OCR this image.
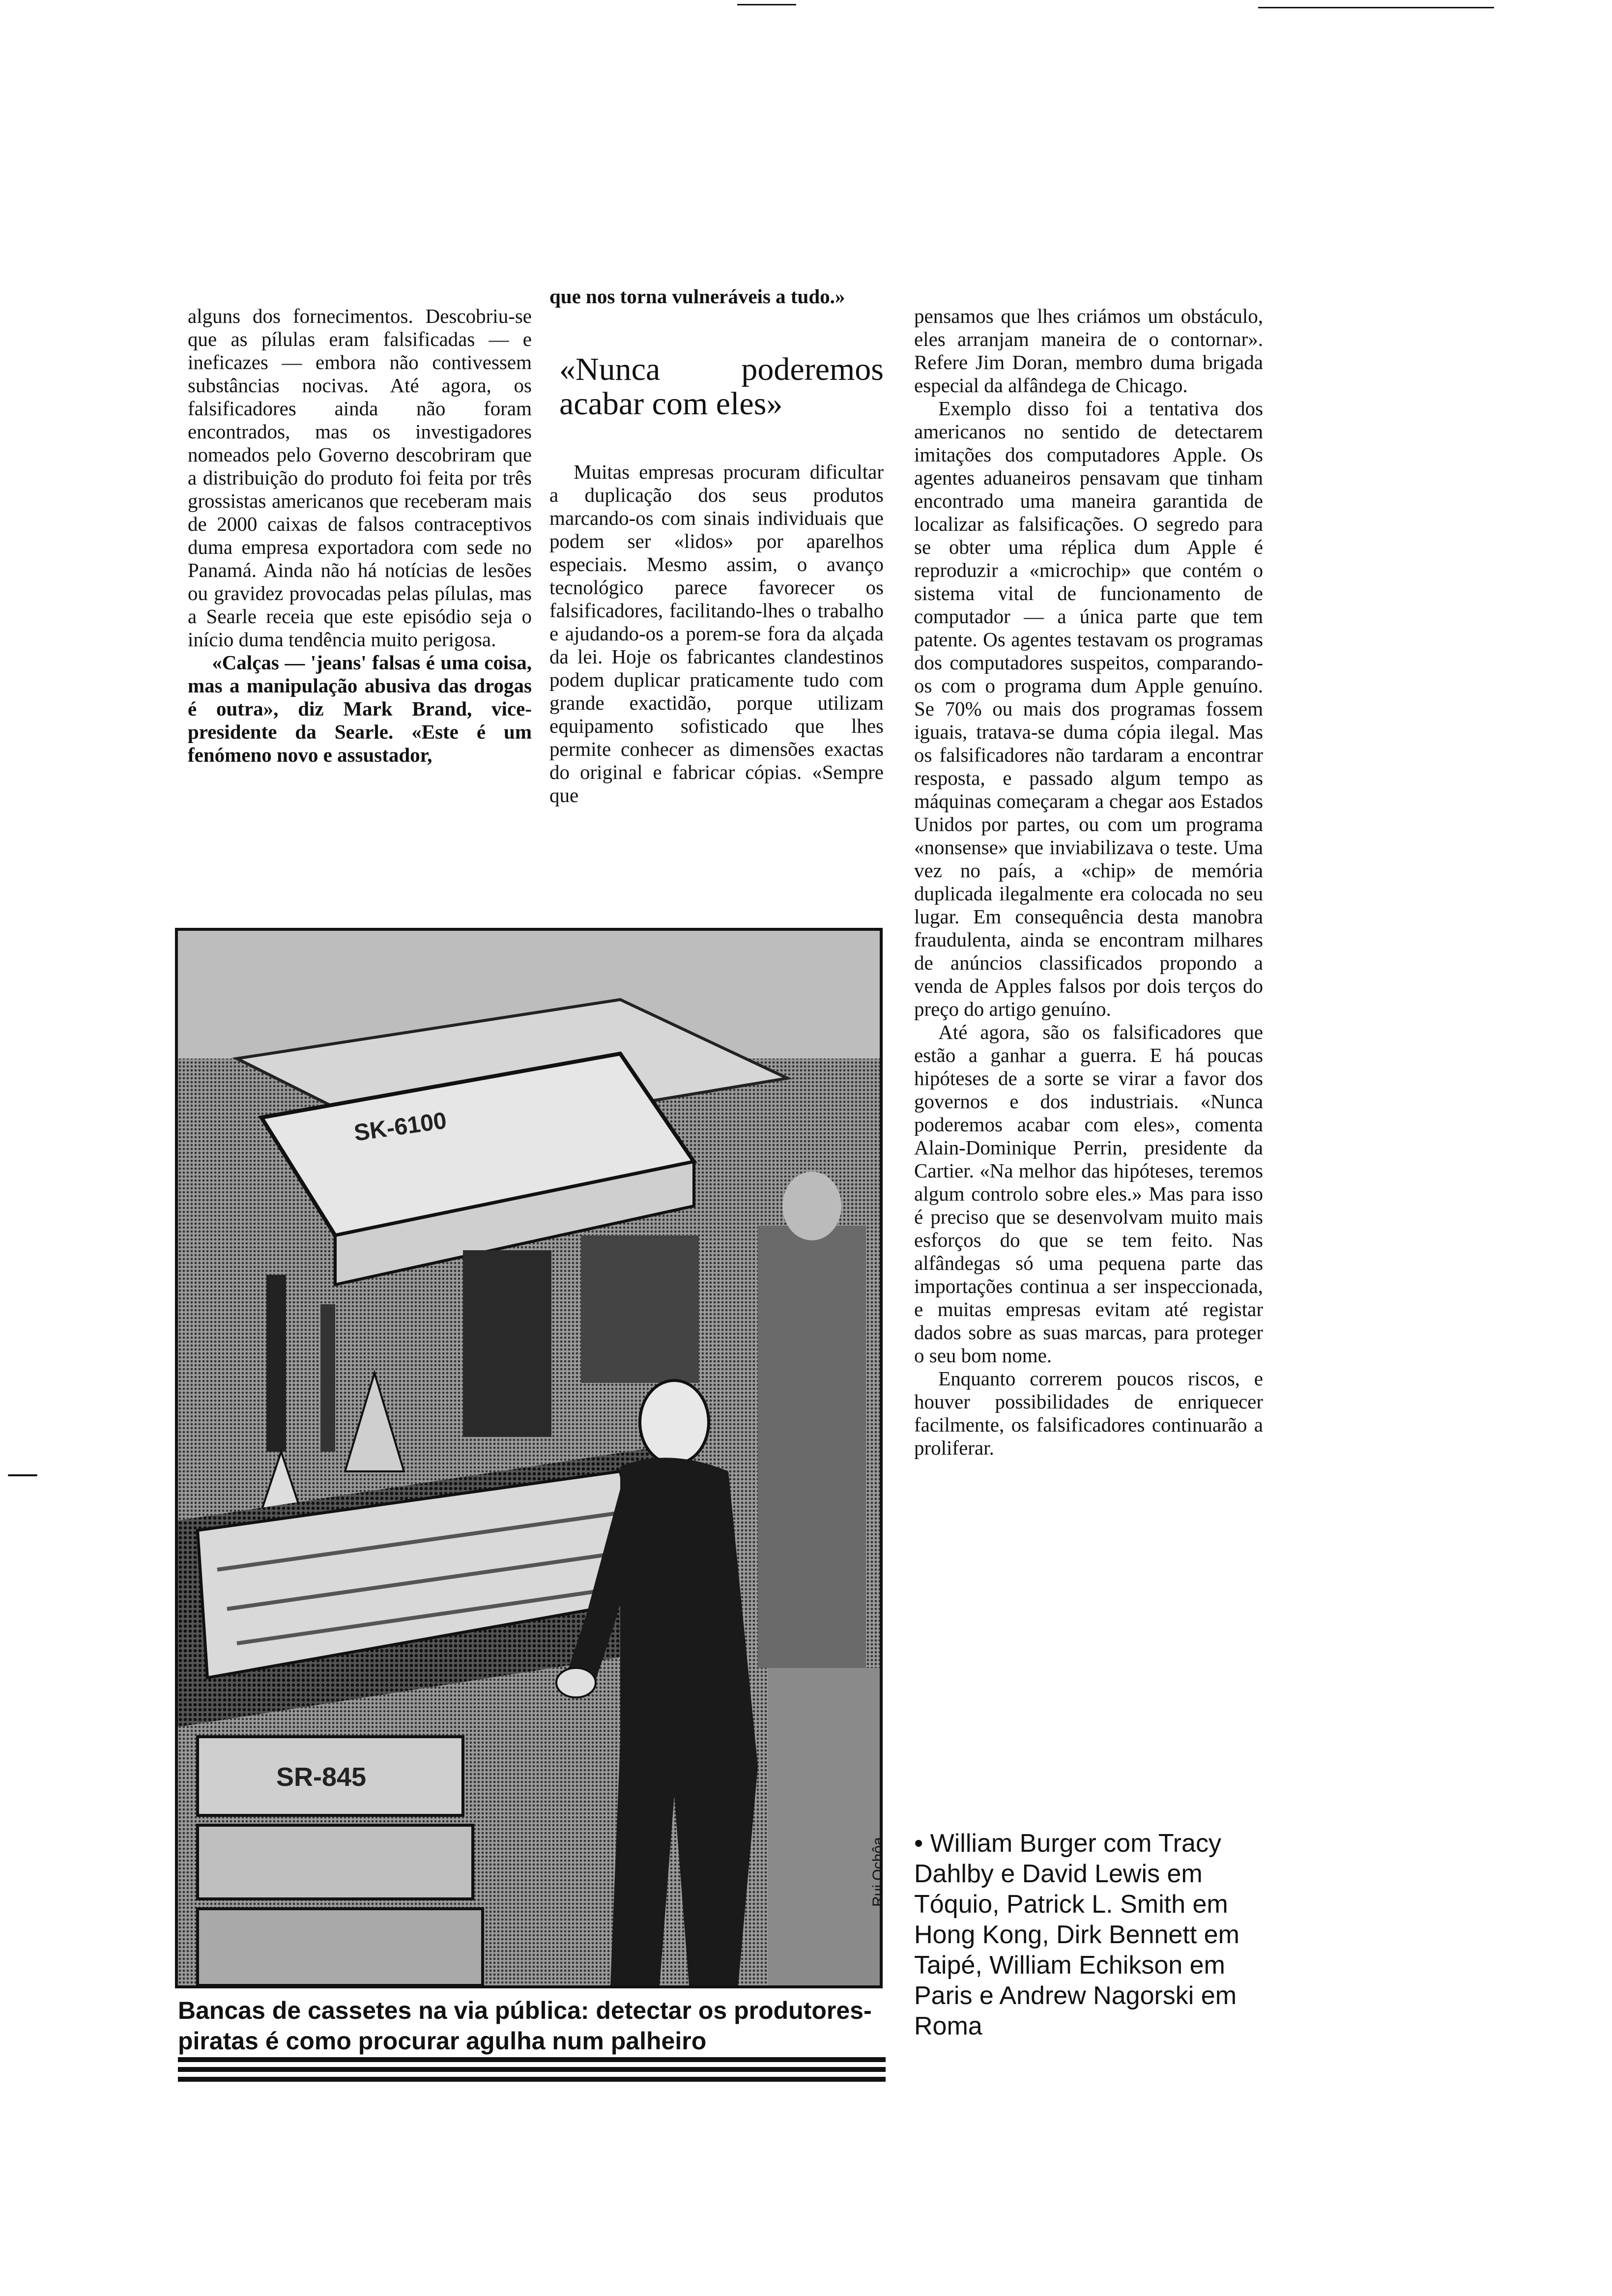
alguns dos fornecimentos. Descobriu-se que as pílulas eram falsificadas — e ineficazes — embora não contivessem substâncias nocivas. Até agora, os falsificadores ainda não foram encontrados, mas os investigadores nomeados pelo Governo descobriram que a distribuição do produto foi feita por três grossistas americanos que receberam mais de 2000 caixas de falsos contraceptivos duma empresa exportadora com sede no Panamá. Ainda não há notícias de lesões ou gravidez provocadas pelas pílulas, mas a Searle receia que este episódio seja o início duma tendência muito perigosa.

«Calças — 'jeans' falsas é uma coisa, mas a manipulação abusiva das drogas é outra», diz Mark Brand, vice-presidente da Searle. «Este é um fenómeno novo e assustador,

que nos torna vulneráveis a tudo.»

«Nunca poderemos acabar com eles»

Muitas empresas procuram dificultar a duplicação dos seus produtos marcando-os com sinais individuais que podem ser «lidos» por aparelhos especiais. Mesmo assim, o avanço tecnológico parece favorecer os falsificadores, facilitando-lhes o trabalho e ajudando-os a porem-se fora da alçada da lei. Hoje os fabricantes clandestinos podem duplicar praticamente tudo com grande exactidão, porque utilizam equipamento sofisticado que lhes permite conhecer as dimensões exactas do original e fabricar cópias. «Sempre que

pensamos que lhes criámos um obstáculo, eles arranjam maneira de o contornar». Refere Jim Doran, membro duma brigada especial da alfândega de Chicago.

Exemplo disso foi a tentativa dos americanos no sentido de detectarem imitações dos computadores Apple. Os agentes aduaneiros pensavam que tinham encontrado uma maneira garantida de localizar as falsificações. O segredo para se obter uma réplica dum Apple é reproduzir a «microchip» que contém o sistema vital de funcionamento de computador — a única parte que tem patente. Os agentes testavam os programas dos computadores suspeitos, comparando-os com o programa dum Apple genuíno. Se 70% ou mais dos programas fossem iguais, tratava-se duma cópia ilegal. Mas os falsificadores não tardaram a encontrar resposta, e passado algum tempo as máquinas começaram a chegar aos Estados Unidos por partes, ou com um programa «nonsense» que inviabilizava o teste. Uma vez no país, a «chip» de memória duplicada ilegalmente era colocada no seu lugar. Em consequência desta manobra fraudulenta, ainda se encontram milhares de anúncios classificados propondo a venda de Apples falsos por dois terços do preço do artigo genuíno.

Até agora, são os falsificadores que estão a ganhar a guerra. E há poucas hipóteses de a sorte se virar a favor dos governos e dos industriais. «Nunca poderemos acabar com eles», comenta Alain-Dominique Perrin, presidente da Cartier. «Na melhor das hipóteses, teremos algum controlo sobre eles.» Mas para isso é preciso que se desenvolvam muito mais esforços do que se tem feito. Nas alfândegas só uma pequena parte das importações continua a ser inspeccionada, e muitas empresas evitam até registar dados sobre as suas marcas, para proteger o seu bom nome.

Enquanto correrem poucos riscos, e houver possibilidades de enriquecer facilmente, os falsificadores continuarão a proliferar.

SK-6100
SR-845
Rui Ochôa
Bancas de cassetes na via pública: detectar os produtores-piratas é como procurar agulha num palheiro
• William Burger com Tracy Dahlby e David Lewis em Tóquio, Patrick L. Smith em Hong Kong, Dirk Bennett em Taipé, William Echikson em Paris e Andrew Nagorski em Roma
